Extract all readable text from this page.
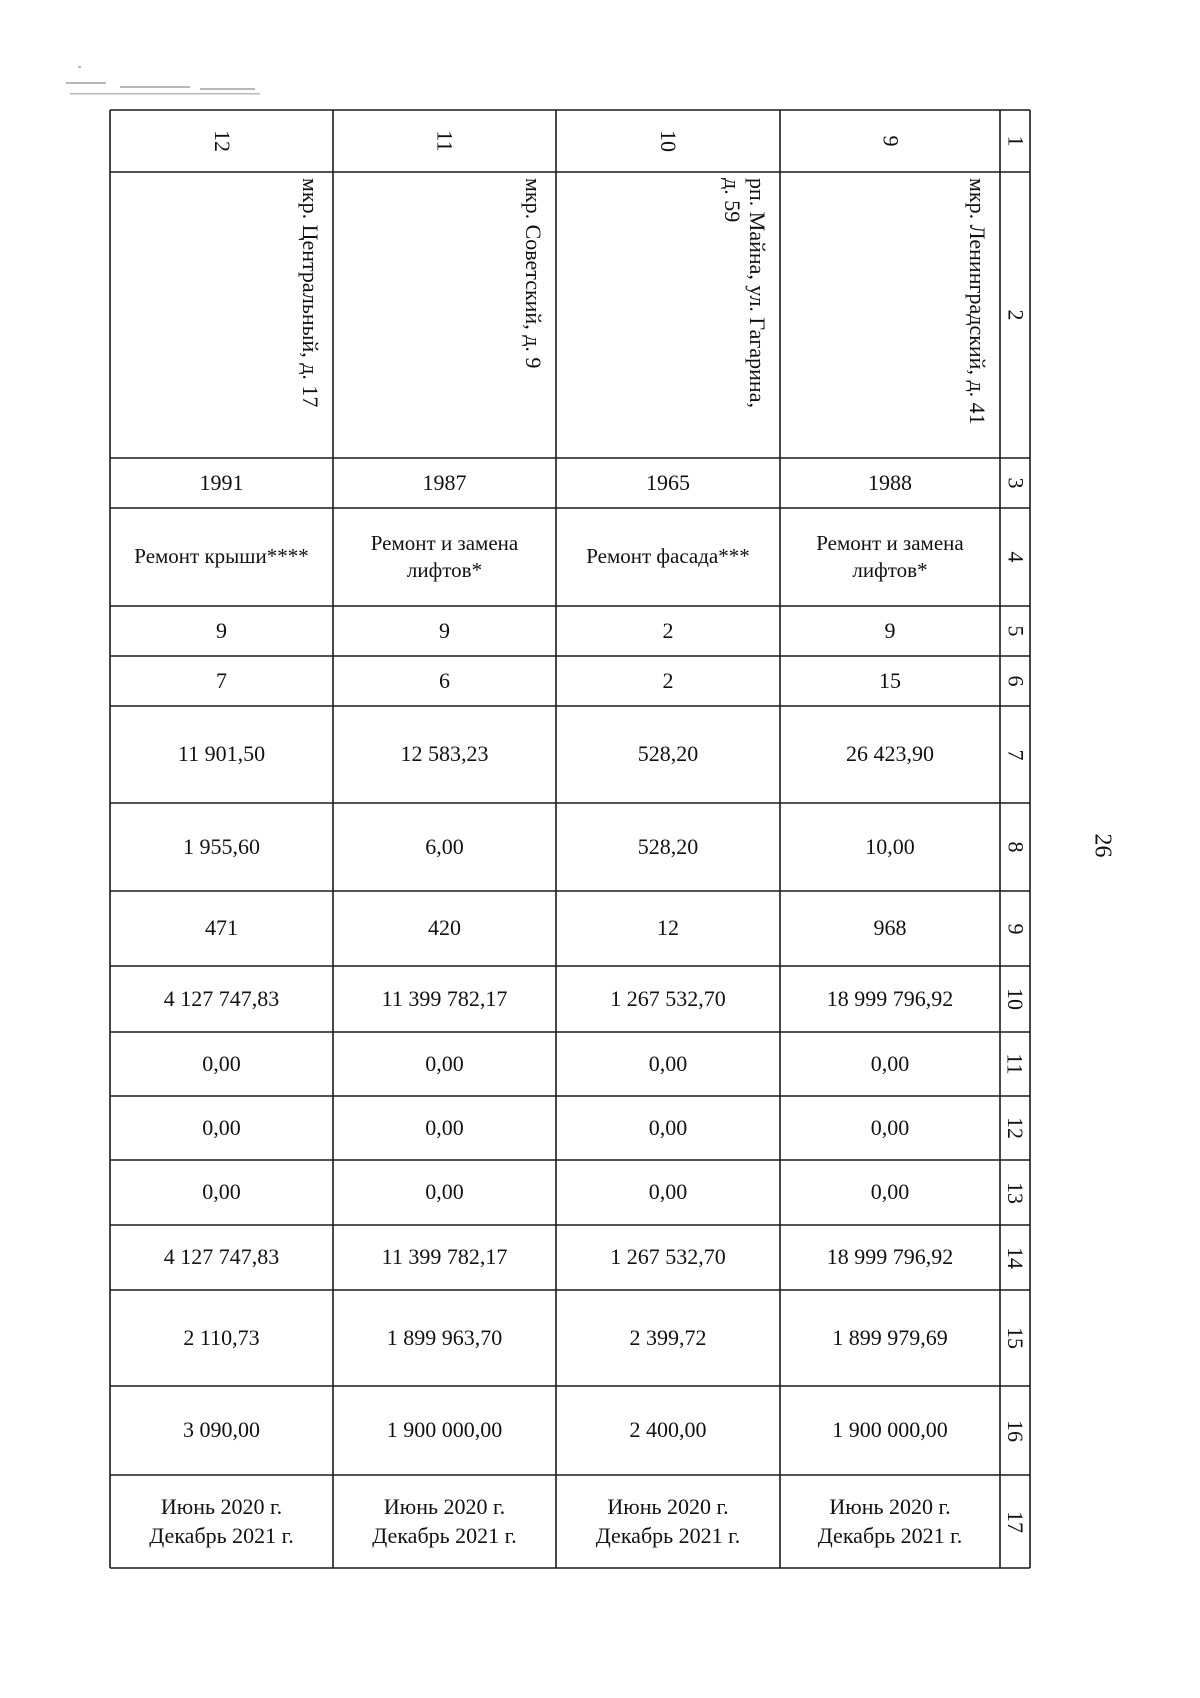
1
2
3
4
5
6
7
8
9
10
11
12
13
14
15
16
17
9
мкр. Ленинградский, д. 41
1988
Ремонт и замена
лифтов*
9
15
26 423,90
10,00
968
18 999 796,92
0,00
0,00
0,00
18 999 796,92
1 899 979,69
1 900 000,00
Июнь 2020 г.
Декабрь 2021 г.
10
рп. Майна, ул. Гагарина,
д. 59
1965
Ремонт фасада***
2
2
528,20
528,20
12
1 267 532,70
0,00
0,00
0,00
1 267 532,70
2 399,72
2 400,00
Июнь 2020 г.
Декабрь 2021 г.
11
мкр. Советский, д. 9
1987
Ремонт и замена
лифтов*
9
6
12 583,23
6,00
420
11 399 782,17
0,00
0,00
0,00
11 399 782,17
1 899 963,70
1 900 000,00
Июнь 2020 г.
Декабрь 2021 г.
12
мкр. Центральный, д. 17
1991
Ремонт крыши****
9
7
11 901,50
1 955,60
471
4 127 747,83
0,00
0,00
0,00
4 127 747,83
2 110,73
3 090,00
Июнь 2020 г.
Декабрь 2021 г.
26
